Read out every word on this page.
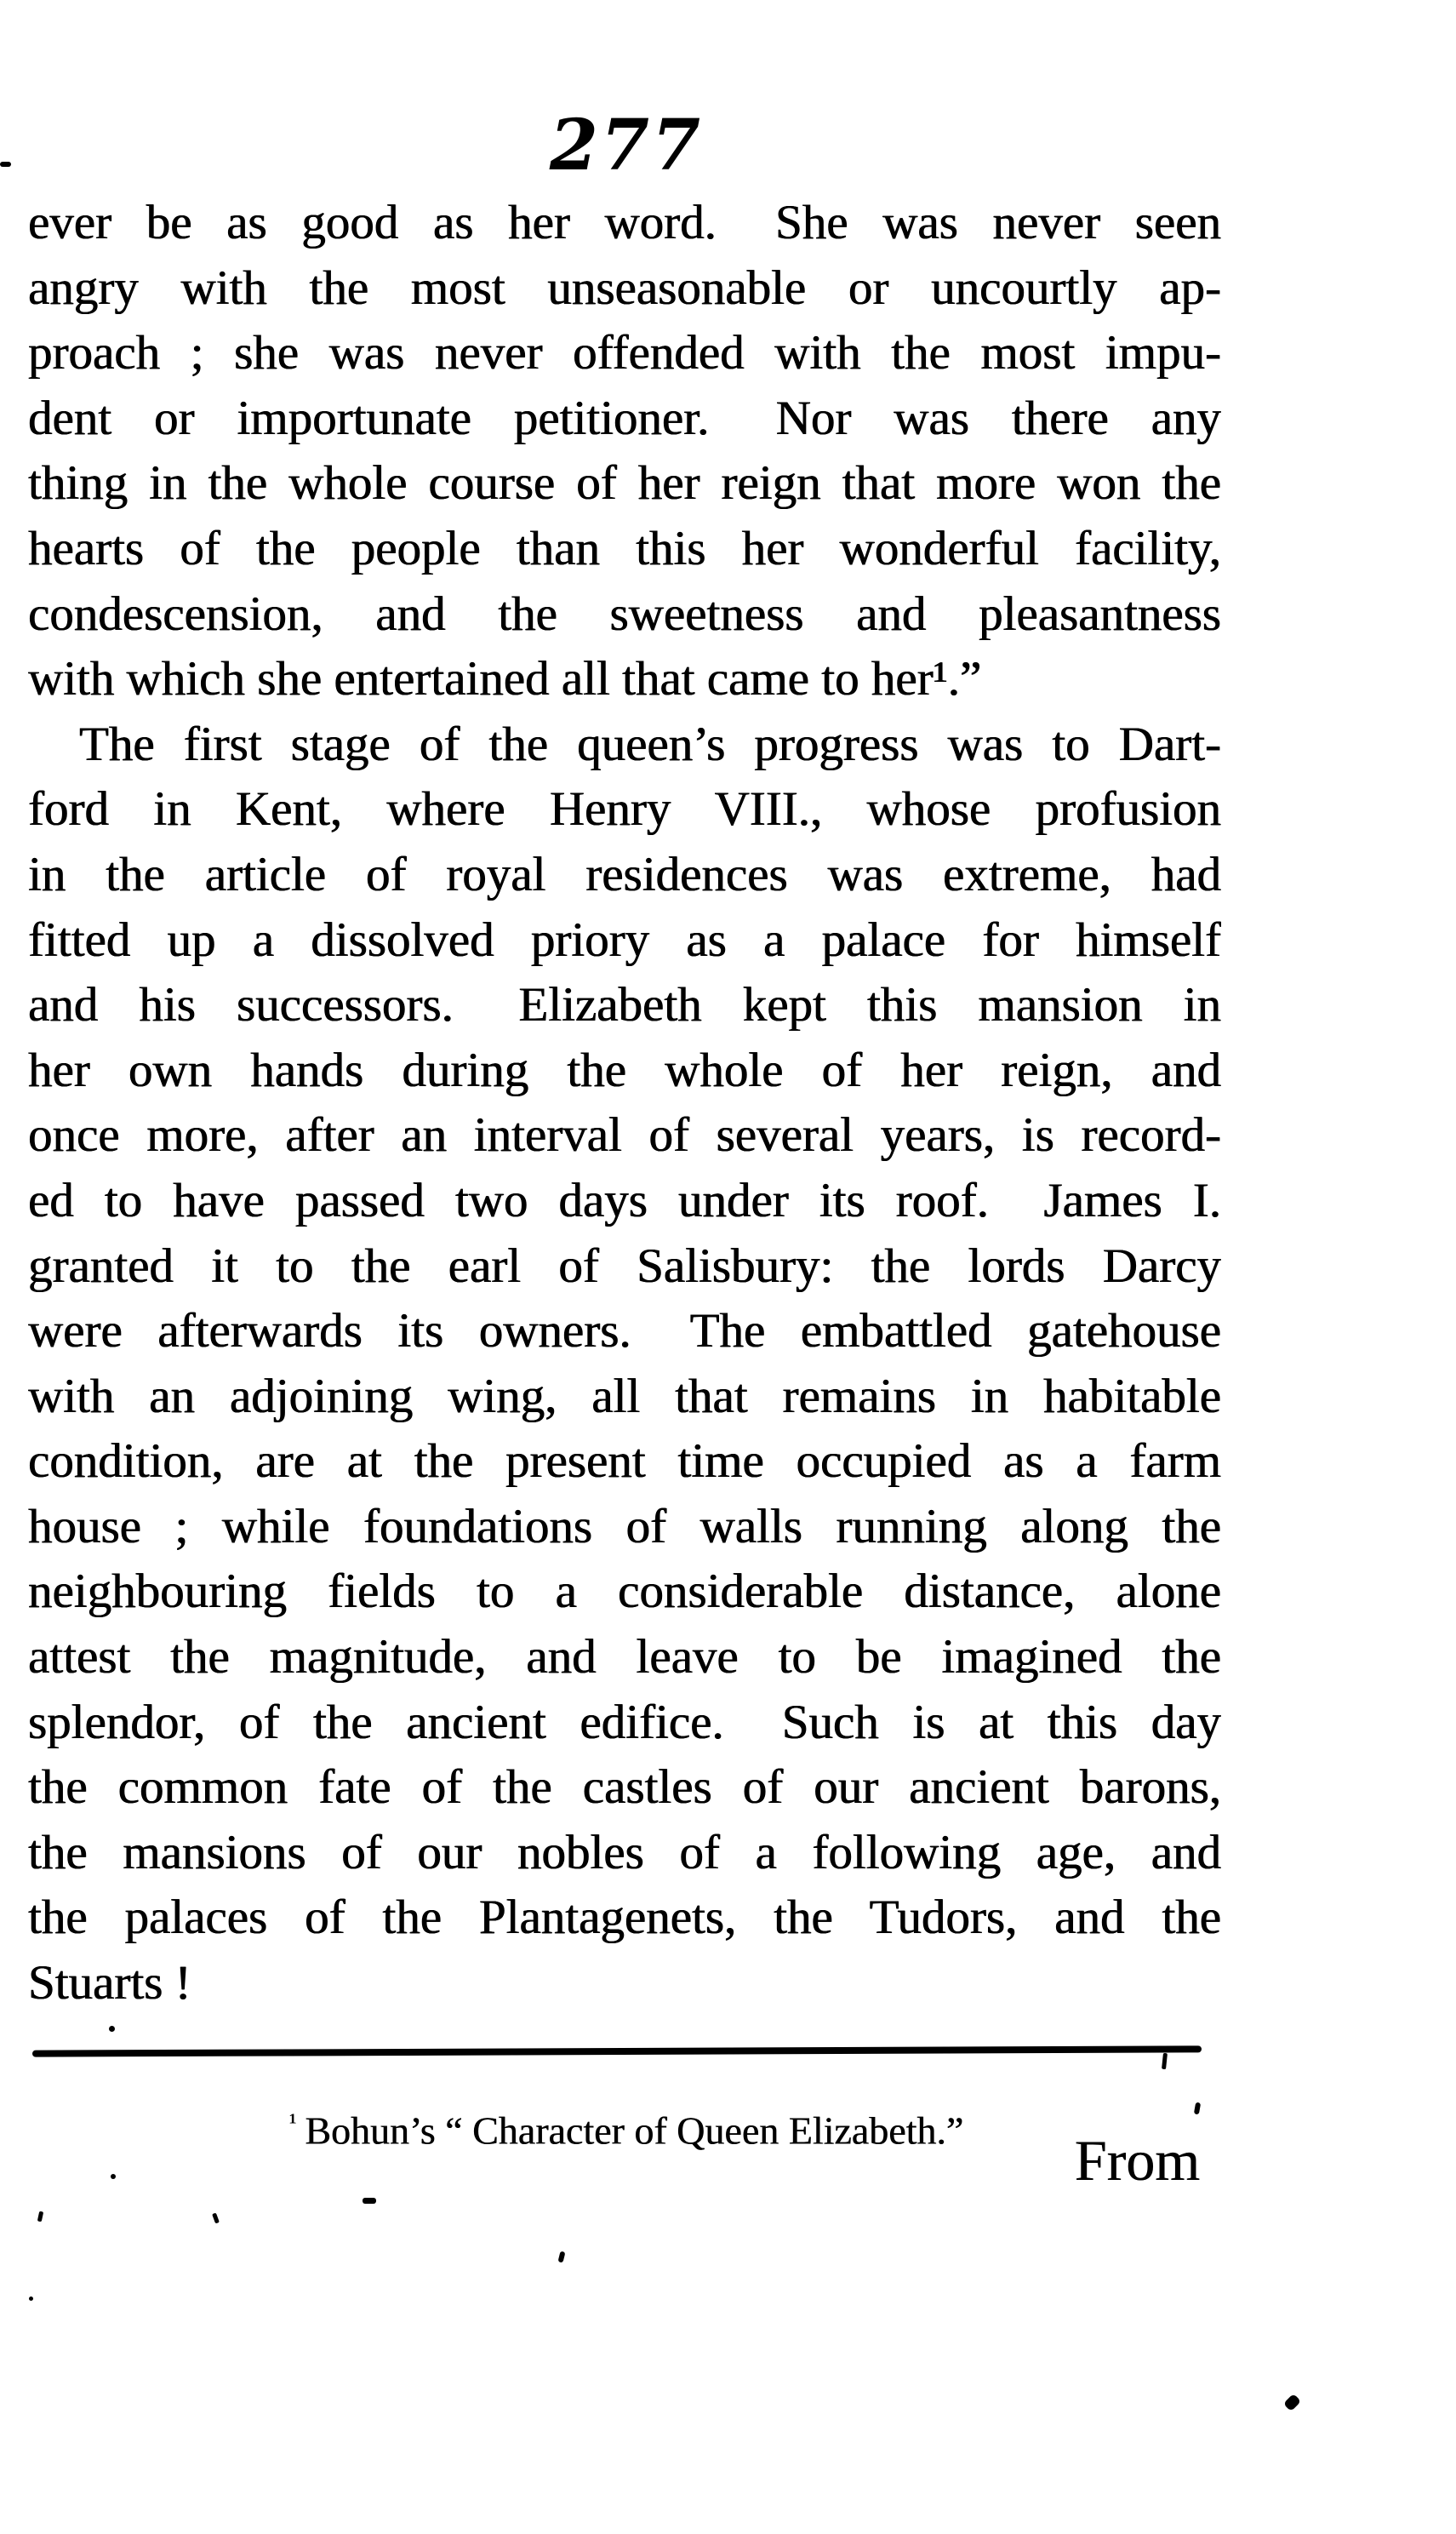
277
ever be as good as her word.  She was never seen
angry with the most unseasonable or uncourtly ap-
proach ; she was never offended with the most impu-
dent or importunate petitioner.  Nor was there any
thing in the whole course of her reign that more won the
hearts of the people than this her wonderful facility,
condescension, and the sweetness and pleasantness
with which she entertained all that came to her¹.”
The first stage of the queen’s progress was to Dart-
ford in Kent, where Henry VIII., whose profusion
in the article of royal residences was extreme, had
fitted up a dissolved priory as a palace for himself
and his successors.  Elizabeth kept this mansion in
her own hands during the whole of her reign, and
once more, after an interval of several years, is record-
ed to have passed two days under its roof.  James I.
granted it to the earl of Salisbury: the lords Darcy
were afterwards its owners.  The embattled gatehouse
with an adjoining wing, all that remains in habitable
condition, are at the present time occupied as a farm
house ; while foundations of walls running along the
neighbouring fields to a considerable distance, alone
attest the magnitude, and leave to be imagined the
splendor, of the ancient edifice.  Such is at this day
the common fate of the castles of our ancient barons,
the mansions of our nobles of a following age, and
the palaces of the Plantagenets, the Tudors, and the
Stuarts !
$^{^1}$ Bohun’s “ Character of Queen Elizabeth.”	From
